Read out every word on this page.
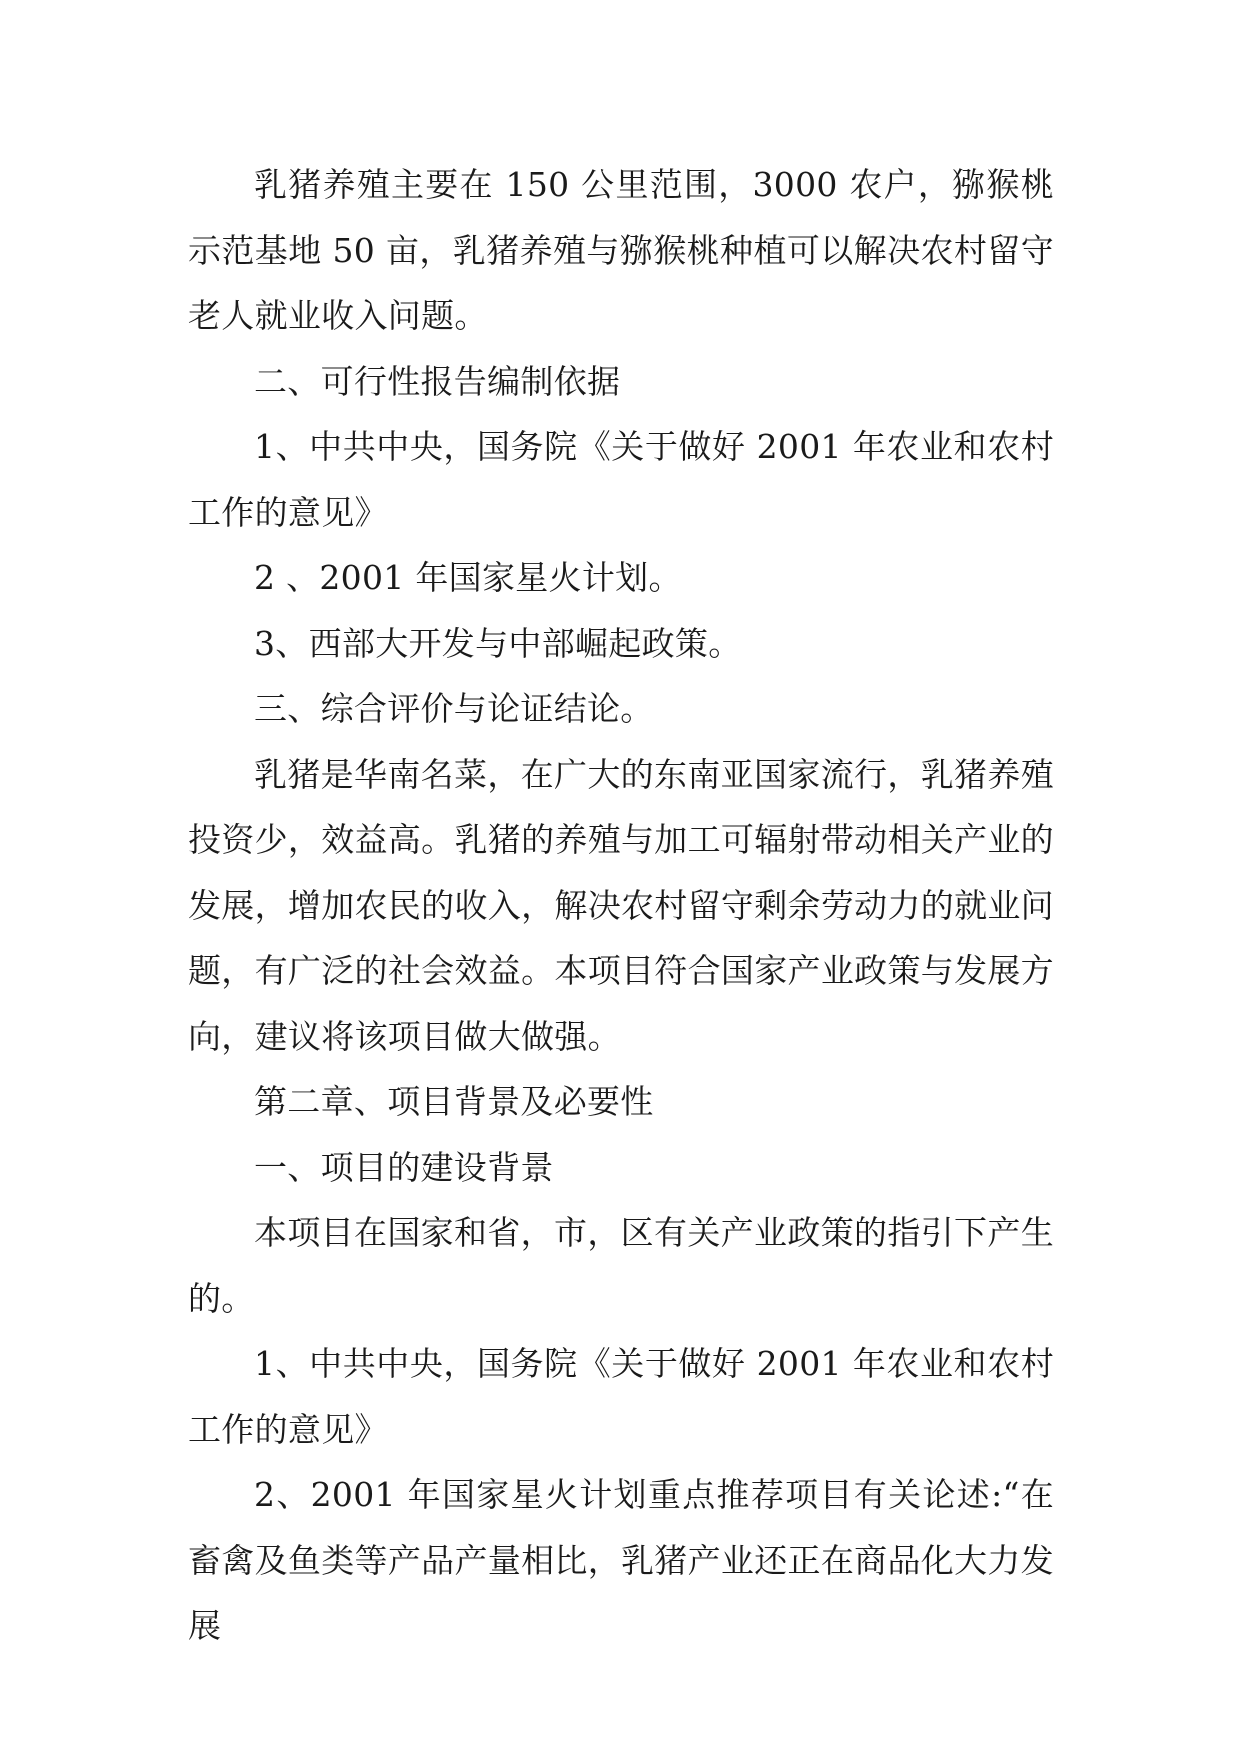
乳猪养殖主要在 150 公里范围，3000 农户，猕猴桃示范基地 50 亩，乳猪养殖与猕猴桃种植可以解决农村留守老人就业收入问题。

二、可行性报告编制依据

1、中共中央，国务院《关于做好 2001 年农业和农村工作的意见》

2 、2001 年国家星火计划。

3、西部大开发与中部崛起政策。

三、综合评价与论证结论。

乳猪是华南名菜，在广大的东南亚国家流行，乳猪养殖投资少，效益高。乳猪的养殖与加工可辐射带动相关产业的发展，增加农民的收入，解决农村留守剩余劳动力的就业问题，有广泛的社会效益。本项目符合国家产业政策与发展方向，建议将该项目做大做强。

第二章、项目背景及必要性

一、项目的建设背景

本项目在国家和省，市，区有关产业政策的指引下产生的。

1、中共中央，国务院《关于做好 2001 年农业和农村工作的意见》

2、2001 年国家星火计划重点推荐项目有关论述:“在畜禽及鱼类等产品产量相比，乳猪产业还正在商品化大力发展
